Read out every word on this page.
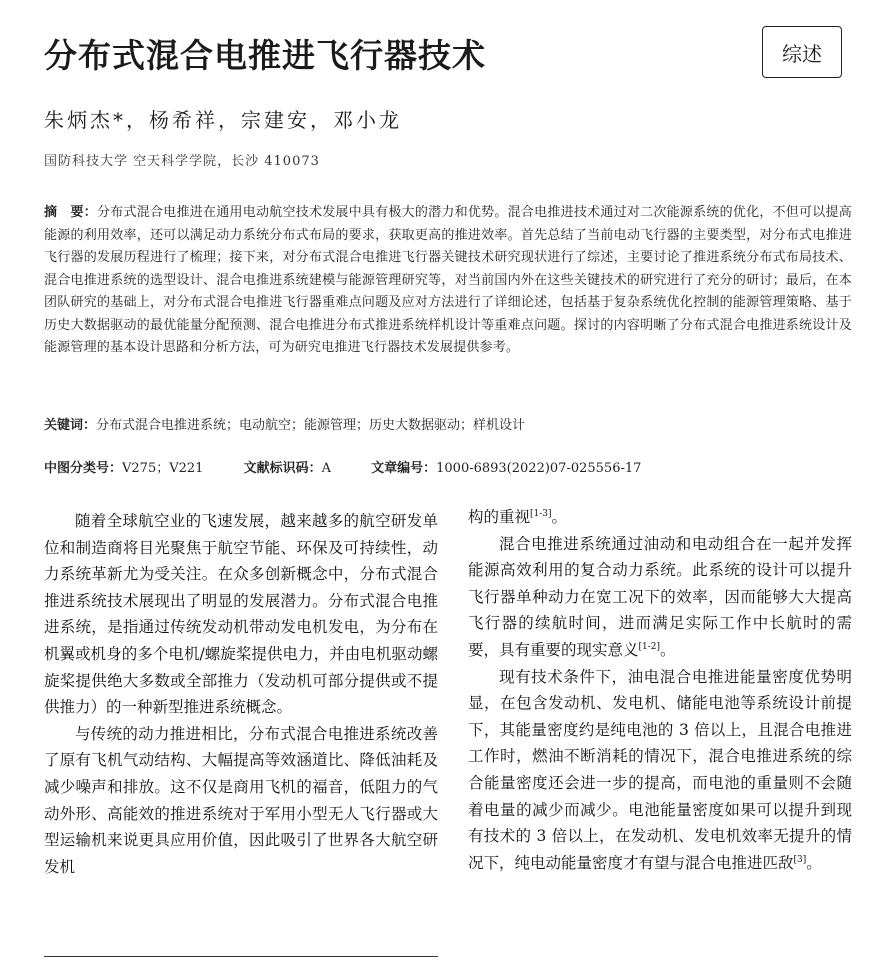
分布式混合电推进飞行器技术	综述
朱炳杰*，杨希祥，宗建安，邓小龙
国防科技大学 空天科学学院，长沙 410073
摘　要：分布式混合电推进在通用电动航空技术发展中具有极大的潜力和优势。混合电推进技术通过对二次能源系统的优化，不但可以提高能源的利用效率，还可以满足动力系统分布式布局的要求，获取更高的推进效率。首先总结了当前电动飞行器的主要类型，对分布式电推进飞行器的发展历程进行了梳理；接下来，对分布式混合电推进飞行器关键技术研究现状进行了综述，主要讨论了推进系统分布式布局技术、混合电推进系统的选型设计、混合电推进系统建模与能源管理研究等，对当前国内外在这些关键技术的研究进行了充分的研讨；最后，在本团队研究的基础上，对分布式混合电推进飞行器重难点问题及应对方法进行了详细论述，包括基于复杂系统优化控制的能源管理策略、基于历史大数据驱动的最优能量分配预测、混合电推进分布式推进系统样机设计等重难点问题。探讨的内容明晰了分布式混合电推进系统设计及能源管理的基本设计思路和分析方法，可为研究电推进飞行器技术发展提供参考。
关键词：分布式混合电推进系统；电动航空；能源管理；历史大数据驱动；样机设计
中图分类号：V275；V221	文献标识码：A	文章编号：1000-6893(2022)07-025556-17

随着全球航空业的飞速发展，越来越多的航空研发单位和制造商将目光聚焦于航空节能、环保及可持续性，动力系统革新尤为受关注。在众多创新概念中，分布式混合推进系统技术展现出了明显的发展潜力。分布式混合电推进系统，是指通过传统发动机带动发电机发电，为分布在机翼或机身的多个电机/螺旋桨提供电力，并由电机驱动螺旋桨提供绝大多数或全部推力（发动机可部分提供或不提供推力）的一种新型推进系统概念。

与传统的动力推进相比，分布式混合电推进系统改善了原有飞机气动结构、大幅提高等效涵道比、降低油耗及减少噪声和排放。这不仅是商用飞机的福音，低阻力的气动外形、高能效的推进系统对于军用小型无人飞行器或大型运输机来说更具应用价值，因此吸引了世界各大航空研发机

构的重视[1-3]。

混合电推进系统通过油动和电动组合在一起并发挥能源高效利用的复合动力系统。此系统的设计可以提升飞行器单种动力在宽工况下的效率，因而能够大大提高飞行器的续航时间，进而满足实际工作中长航时的需要，具有重要的现实意义[1-2]。

现有技术条件下，油电混合电推进能量密度优势明显，在包含发动机、发电机、储能电池等系统设计前提下，其能量密度约是纯电池的 3 倍以上，且混合电推进工作时，燃油不断消耗的情况下，混合电推进系统的综合能量密度还会进一步的提高，而电池的重量则不会随着电量的减少而减少。电池能量密度如果可以提升到现有技术的 3 倍以上，在发动机、发电机效率无提升的情况下，纯电动能量密度才有望与混合电推进匹敌[3]。
